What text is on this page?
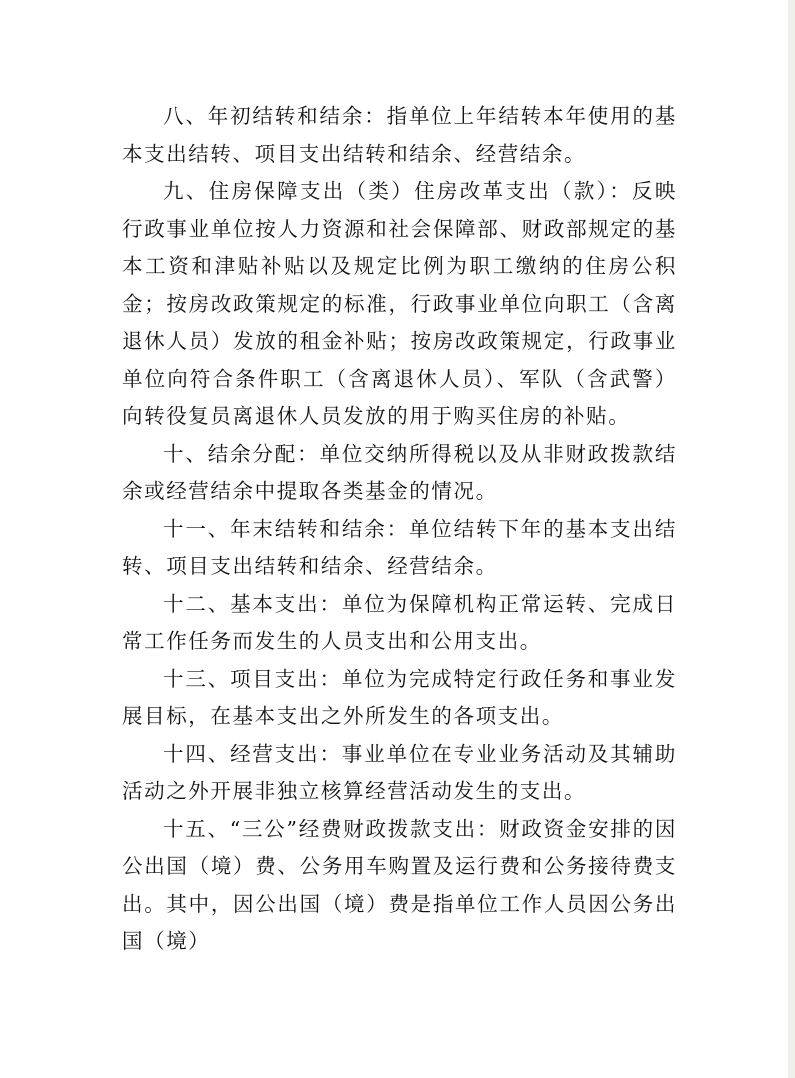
八、年初结转和结余：指单位上年结转本年使用的基本支出结转、项目支出结转和结余、经营结余。

九、住房保障支出（类）住房改革支出（款）：反映行政事业单位按人力资源和社会保障部、财政部规定的基本工资和津贴补贴以及规定比例为职工缴纳的住房公积金；按房改政策规定的标准，行政事业单位向职工（含离退休人员）发放的租金补贴；按房改政策规定，行政事业单位向符合条件职工（含离退休人员）、军队（含武警）向转役复员离退休人员发放的用于购买住房的补贴。

十、结余分配：单位交纳所得税以及从非财政拨款结余或经营结余中提取各类基金的情况。

十一、年末结转和结余：单位结转下年的基本支出结转、项目支出结转和结余、经营结余。

十二、基本支出：单位为保障机构正常运转、完成日常工作任务而发生的人员支出和公用支出。

十三、项目支出：单位为完成特定行政任务和事业发展目标，在基本支出之外所发生的各项支出。

十四、经营支出：事业单位在专业业务活动及其辅助活动之外开展非独立核算经营活动发生的支出。

十五、“三公”经费财政拨款支出：财政资金安排的因公出国（境）费、公务用车购置及运行费和公务接待费支出。其中，因公出国（境）费是指单位工作人员因公务出国（境）
